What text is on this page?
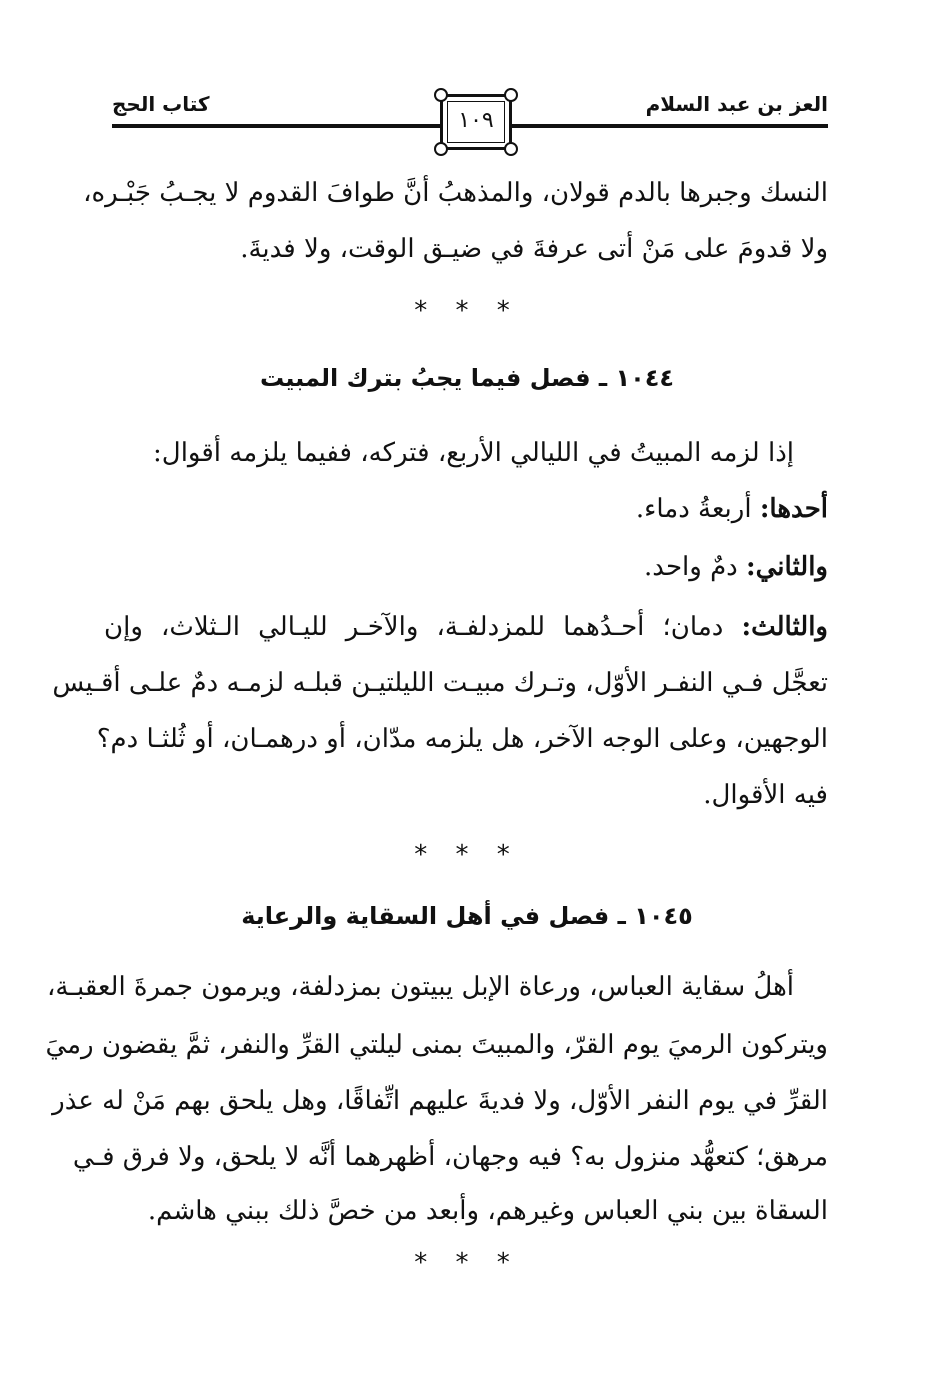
العز بن عبد السلام
كتاب الحج
١٠٩
النسك وجبرها بالدم قولان، والمذهبُ أنَّ طوافَ القدوم لا يجـبُ جَبْـره،
ولا قدومَ على مَنْ أتى عرفةَ في ضيـق الوقت، ولا فديةَ.
* * *
١٠٤٤ ـ فصل فيما يجبُ بترك المبيت
إذا لزمه المبيتُ في الليالي الأربع، فتركه، ففيما يلزمه أقوال:
أحدها: أربعةُ دماء.
والثاني: دمٌ واحد.
والثالث: دمان؛ أحـدُهما للمزدلفـة، والآخـر لليـالي الـثلاث، وإن
تعجَّل فـي النفـر الأوّل، وتـرك مبيـت الليلتيـن قبلـه لزمـه دمٌ علـى أقـيس
الوجهين، وعلى الوجه الآخر، هل يلزمه مدّان، أو درهمـان، أو ثُلثـا دم؟
فيه الأقوال.
* * *
١٠٤٥ ـ فصل في أهل السقاية والرعاية
أهلُ سقاية العباس، ورعاة الإبل يبيتون بمزدلفة، ويرمون جمرةَ العقبـة،
ويتركون الرميَ يوم القرّ، والمبيتَ بمنى ليلتي القرِّ والنفر، ثمَّ يقضون رميَ
القرِّ في يوم النفر الأوّل، ولا فديةَ عليهم اتِّفاقًا، وهل يلحق بهم مَنْ له عذر
مرهق؛ كتعهُّد منزول به؟ فيه وجهان، أظهرهما أنَّه لا يلحق، ولا فرق فـي
السقاة بين بني العباس وغيرهم، وأبعد من خصَّ ذلك ببني هاشم.
* * *
